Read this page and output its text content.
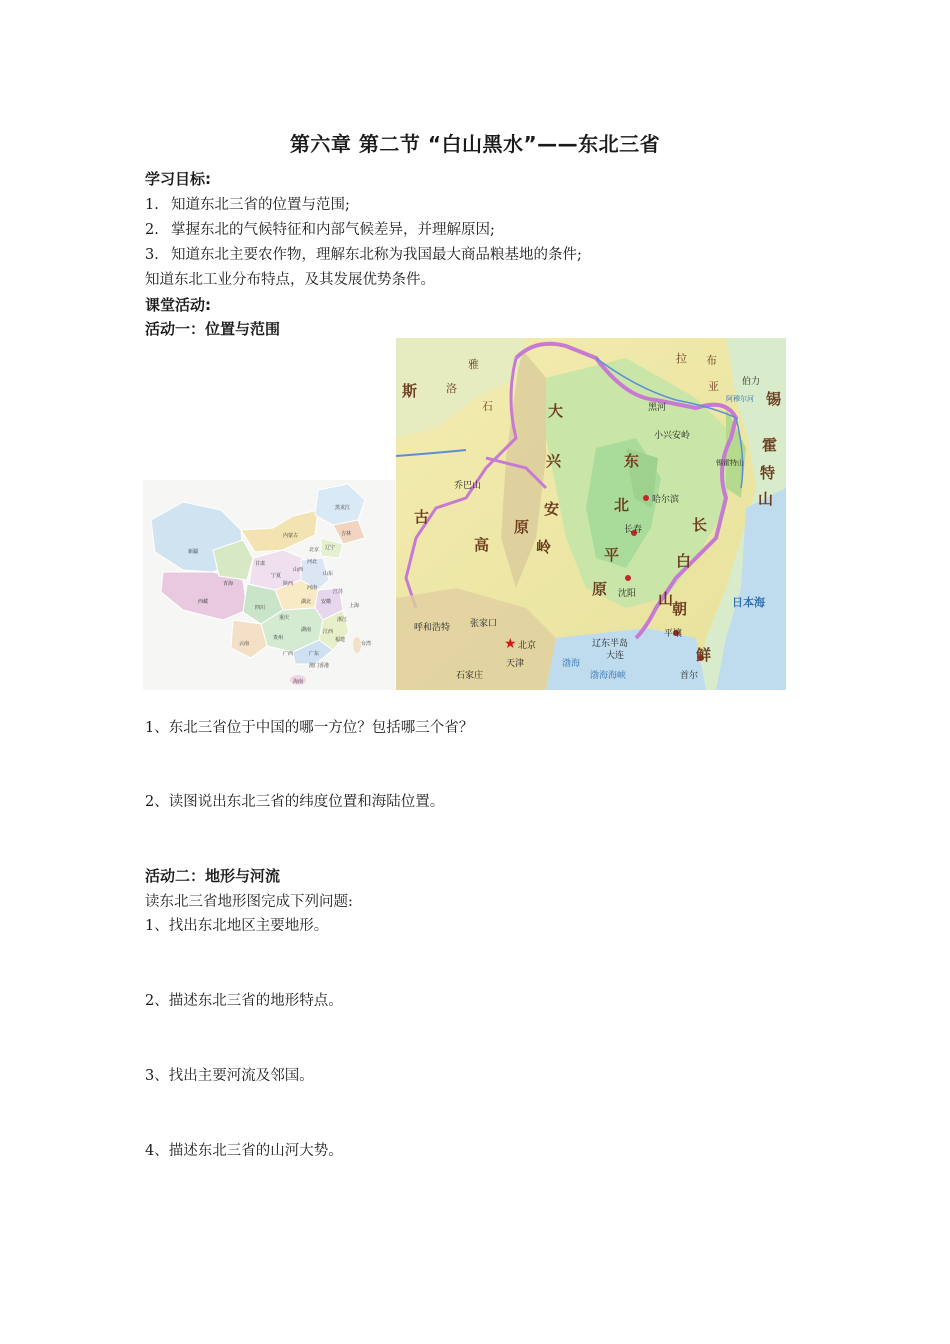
第六章 第二节 “白山黑水”——东北三省
学习目标:
1. 知道东北三省的位置与范围;
2. 掌握东北的气候特征和内部气候差异，并理解原因;
3. 知道东北主要农作物，理解东北称为我国最大商品粮基地的条件;
知道东北工业分布特点，及其发展优势条件。
课堂活动:
活动一：位置与范围
新疆
西藏
青海
甘肃
内蒙古
黑龙江
吉林
辽宁
北京
河北
山西
陕西
宁夏
四川
重庆
湖北
河南
山东
江苏
安徽
上海
浙江
江西
湖南
贵州
云南
广西	广东
福建
台湾
海南
澳门香港
★
大
兴
安
岭
东
北
平
原
古
高
原	长
白
山
朝
鲜
斯	锡
霍
特
山
日本海
哈尔滨
长春
沈阳
北京
天津
呼和浩特 张家口
石家庄
大连
平壤
首尔
黑河
渤海
渤海海峡
辽东半岛
小兴安岭
乔巴山
雅
洛
石
拉 布
亚
阿穆尔河
伯力
锡霍特山
1、东北三省位于中国的哪一方位？包括哪三个省？
2、读图说出东北三省的纬度位置和海陆位置。
活动二：地形与河流
读东北三省地形图完成下列问题:
1、找出东北地区主要地形。
2、描述东北三省的地形特点。
3、找出主要河流及邻国。
4、描述东北三省的山河大势。
